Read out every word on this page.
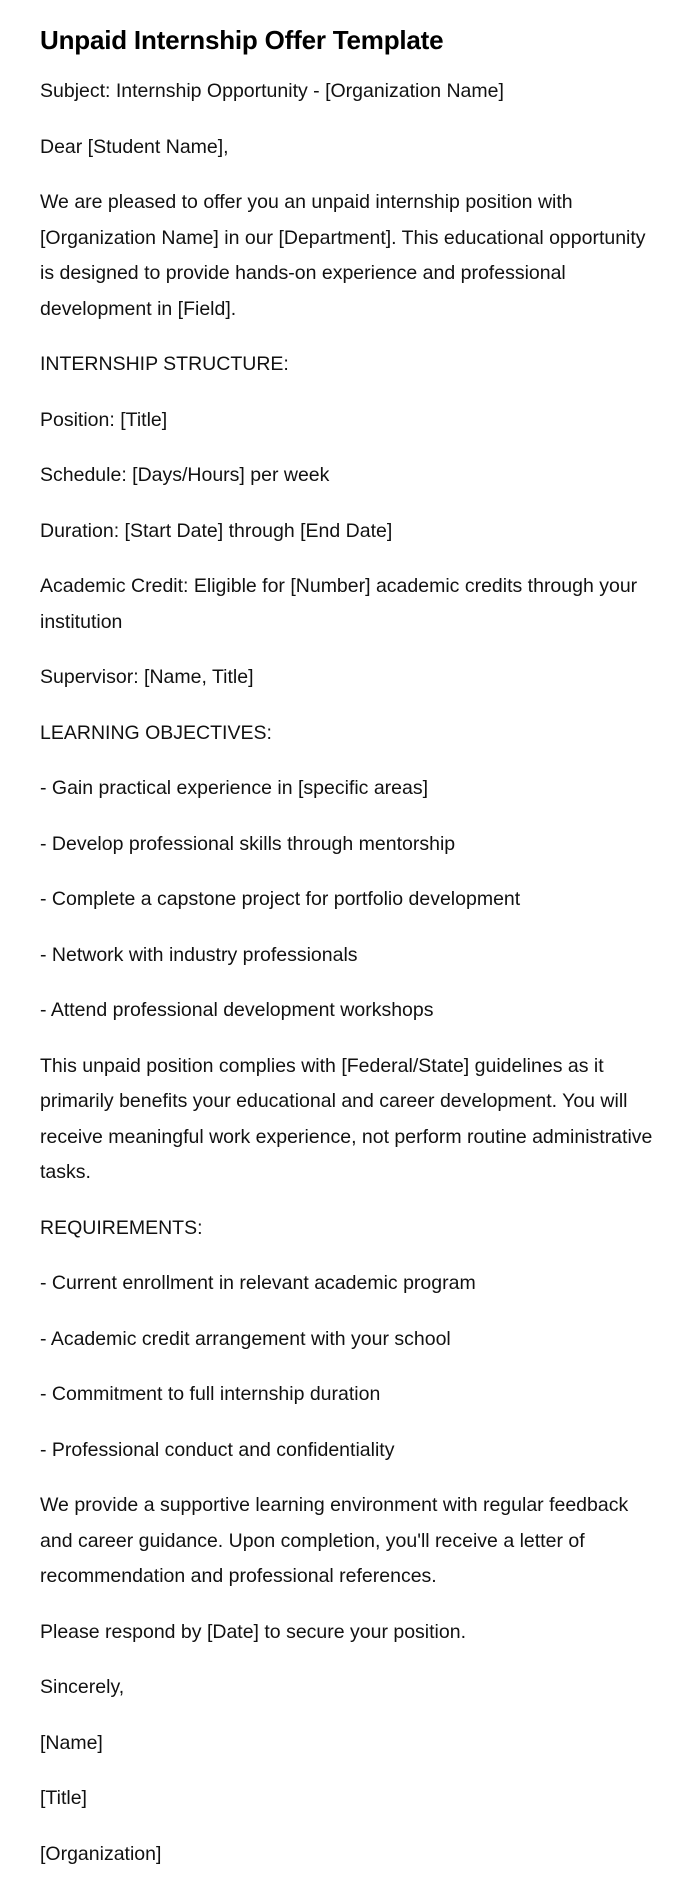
Unpaid Internship Offer Template

Subject: Internship Opportunity - [Organization Name]

Dear [Student Name],

We are pleased to offer you an unpaid internship position with [Organization Name] in our [Department]. This educational opportunity is designed to provide hands-on experience and professional development in [Field].

INTERNSHIP STRUCTURE:

Position: [Title]

Schedule: [Days/Hours] per week

Duration: [Start Date] through [End Date]

Academic Credit: Eligible for [Number] academic credits through your institution

Supervisor: [Name, Title]

LEARNING OBJECTIVES:

- Gain practical experience in [specific areas]

- Develop professional skills through mentorship

- Complete a capstone project for portfolio development

- Network with industry professionals

- Attend professional development workshops

This unpaid position complies with [Federal/State] guidelines as it primarily benefits your educational and career development. You will receive meaningful work experience, not perform routine administrative tasks.

REQUIREMENTS:

- Current enrollment in relevant academic program

- Academic credit arrangement with your school

- Commitment to full internship duration

- Professional conduct and confidentiality

We provide a supportive learning environment with regular feedback and career guidance. Upon completion, you'll receive a letter of recommendation and professional references.

Please respond by [Date] to secure your position.

Sincerely,

[Name]

[Title]

[Organization]
